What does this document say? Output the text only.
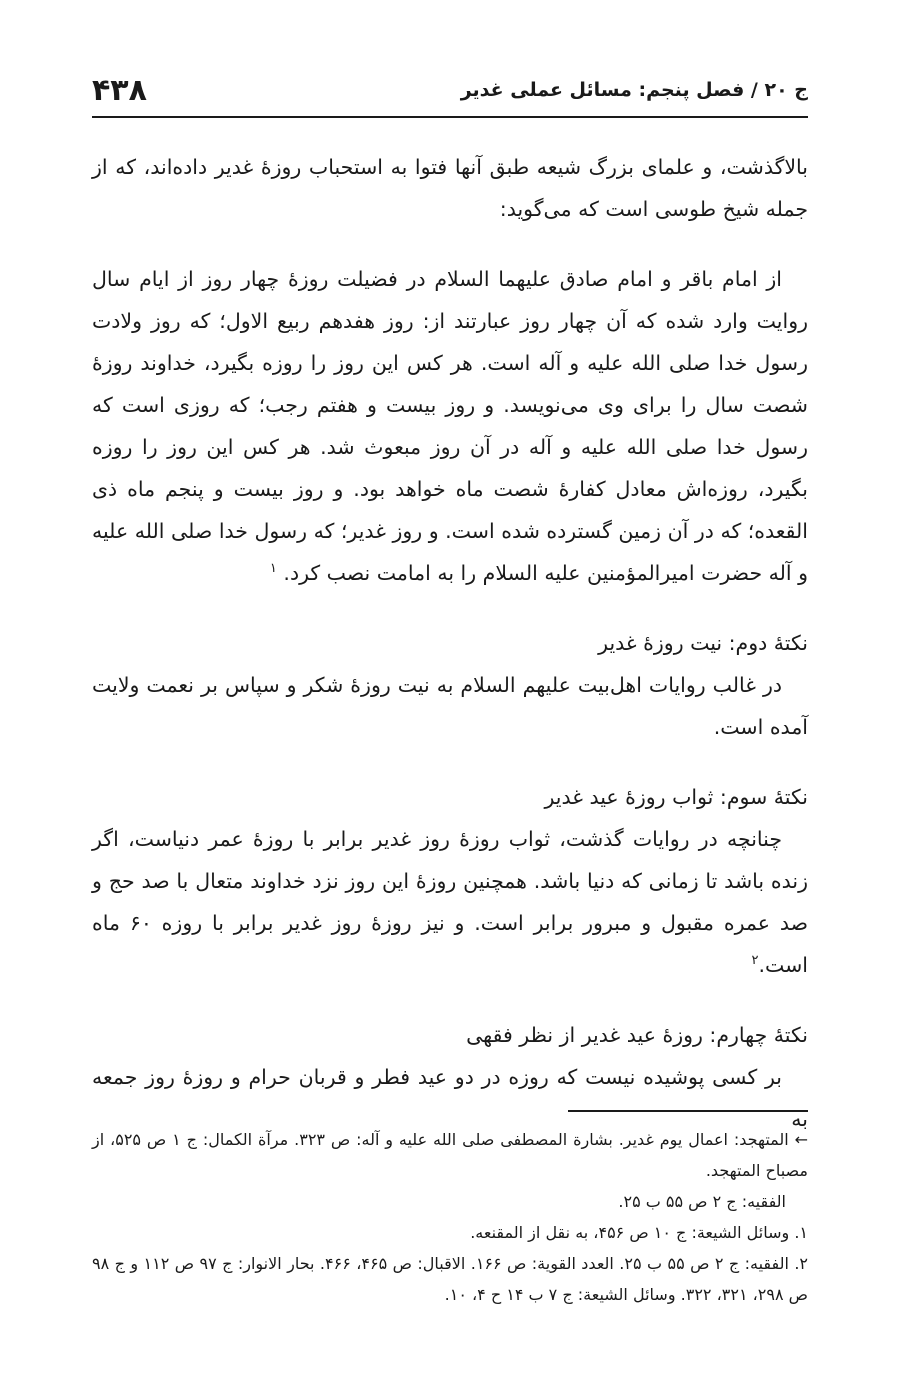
۴۳۸	ج ۲۰ / فصل پنجم: مسائل عملی غدیر

بالاگذشت، و علمای بزرگ شیعه طبق آنها فتوا به استحباب روزهٔ غدیر داده‌اند، که از جمله شیخ طوسی است که می‌گوید:

از امام باقر و امام صادق علیهما السلام در فضیلت روزهٔ چهار روز از ایام سال روایت وارد شده که آن چهار روز عبارتند از: روز هفدهم ربیع الاول؛ که روز ولادت رسول خدا صلی الله علیه و آله است. هر کس این روز را روزه بگیرد، خداوند روزهٔ شصت سال را برای وی می‌نویسد. و روز بیست و هفتم رجب؛ که روزی است که رسول خدا صلی الله علیه و آله در آن روز مبعوث شد. هر کس این روز را روزه بگیرد، روزه‌اش معادل کفارهٔ شصت ماه خواهد بود. و روز بیست و پنجم ماه ذی القعده؛ که در آن زمین گسترده شده است. و روز غدیر؛ که رسول خدا صلی الله علیه و آله حضرت امیرالمؤمنین علیه السلام را به امامت نصب کرد. $^۱$

نکتهٔ دوم: نیت روزهٔ غدیر

در غالب روایات اهل‌بیت علیهم السلام به نیت روزهٔ شکر و سپاس بر نعمت ولایت آمده است.

نکتهٔ سوم: ثواب روزهٔ عید غدیر

چنانچه در روایات گذشت، ثواب روزهٔ روز غدیر برابر با روزهٔ عمر دنیاست، اگر زنده باشد تا زمانی که دنیا باشد. همچنین روزهٔ این روز نزد خداوند متعال با صد حج و صد عمره مقبول و مبرور برابر است. و نیز روزهٔ روز غدیر برابر با روزه ۶۰ ماه است.$^۲$

نکتهٔ چهارم: روزهٔ عید غدیر از نظر فقهی

بر کسی پوشیده نیست که روزه در دو عید فطر و قربان حرام و روزهٔ روز جمعه به

← المتهجد: اعمال یوم غدیر. بشارة المصطفی صلی الله علیه و آله: ص ۳۲۳. مرآة الکمال: ج ۱ ص ۵۲۵، از مصباح المتهجد.

الفقیه: ج ۲ ص ۵۵ ب ۲۵.

۱. وسائل الشیعة: ج ۱۰ ص ۴۵۶، به نقل از المقنعه.

۲. الفقیه: ج ۲ ص ۵۵ ب ۲۵. العدد القویة: ص ۱۶۶. الاقبال: ص ۴۶۵، ۴۶۶. بحار الانوار: ج ۹۷ ص ۱۱۲ و ج ۹۸ ص ۲۹۸، ۳۲۱، ۳۲۲. وسائل الشیعة: ج ۷ ب ۱۴ ح ۴، ۱۰.
